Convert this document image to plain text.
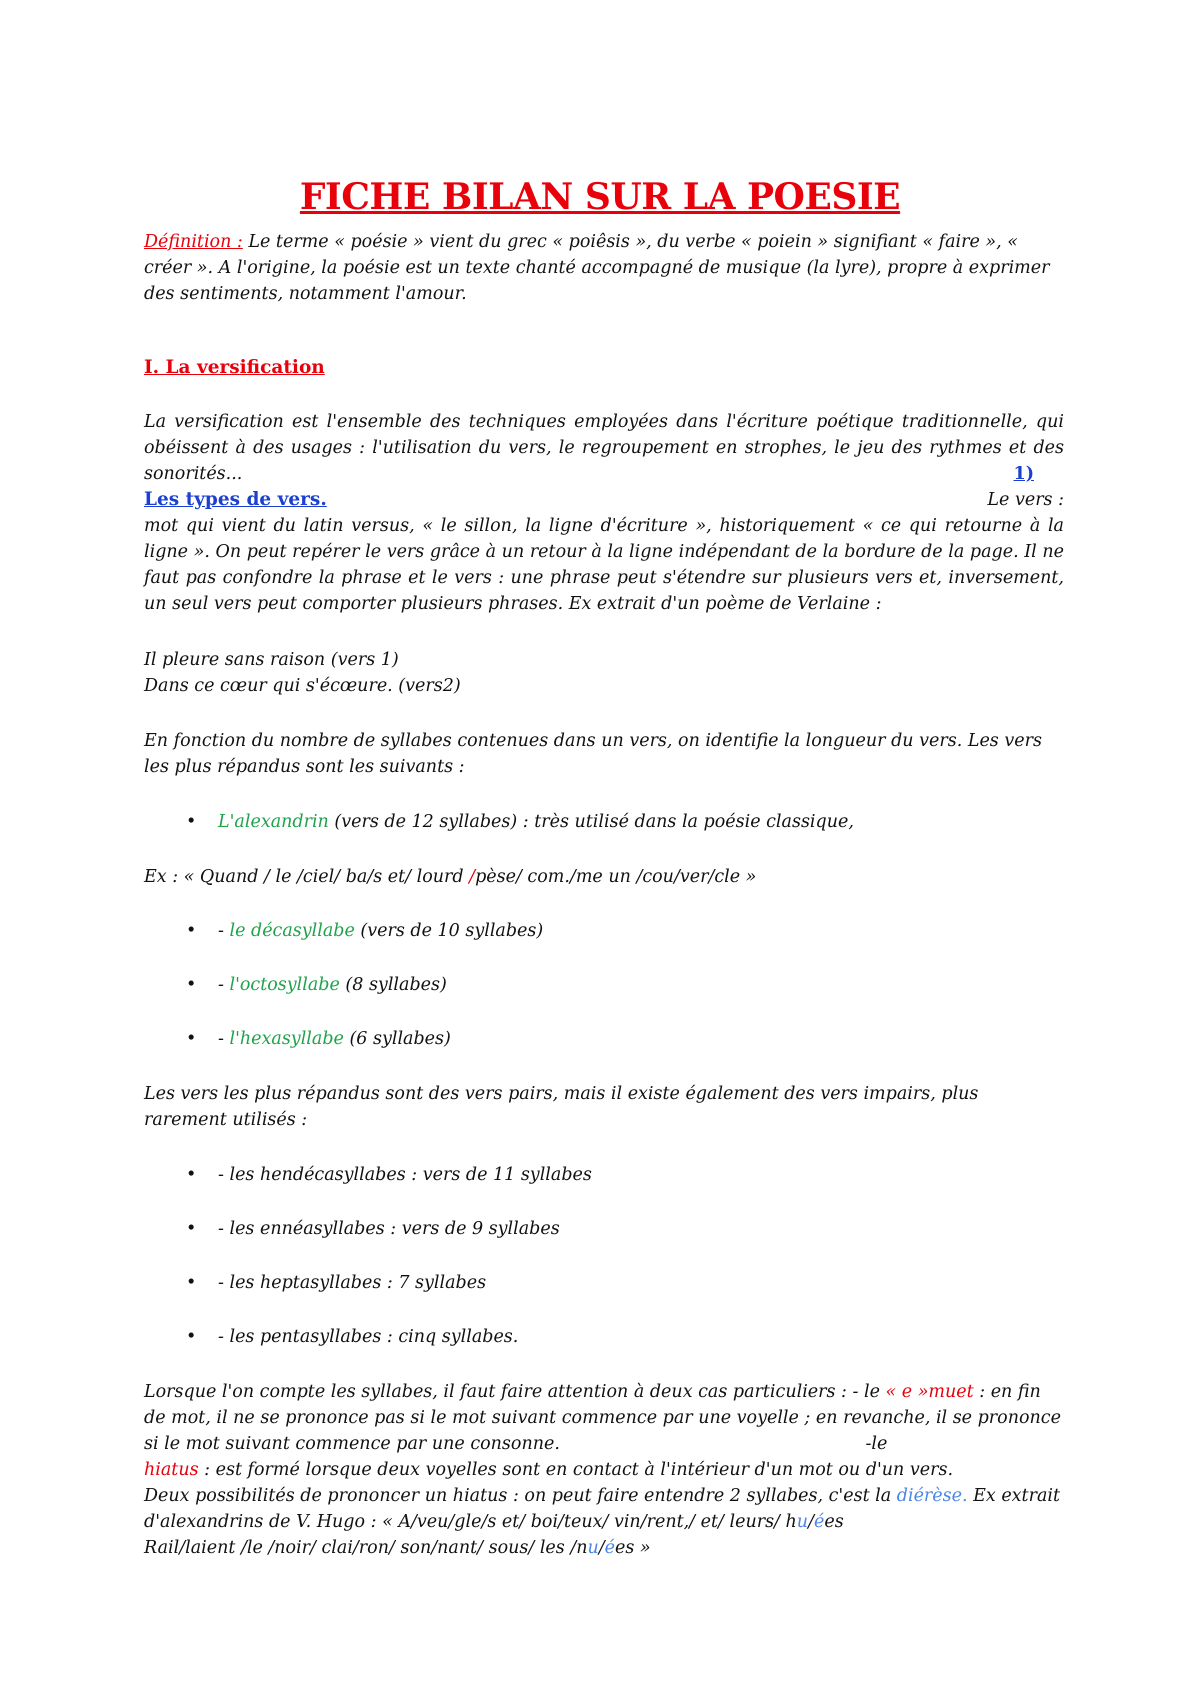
FICHE BILAN SUR LA POESIE
Définition : Le terme « poésie » vient du grec « poiêsis », du verbe « poiein » signifiant « faire », « créer ». A l'origine, la poésie est un texte chanté accompagné de musique (la lyre), propre à exprimer des sentiments, notamment l'amour.
I. La versification
La versification est l'ensemble des techniques employées dans l'écriture poétique traditionnelle, qui obéissent à des usages : l'utilisation du vers, le regroupement en strophes, le jeu des rythmes et des sonorités...	1)
Les types de vers.	Le vers :
mot qui vient du latin versus, « le sillon, la ligne d'écriture », historiquement « ce qui retourne à la ligne ». On peut repérer le vers grâce à un retour à la ligne indépendant de la bordure de la page. Il ne faut pas confondre la phrase et le vers : une phrase peut s'étendre sur plusieurs vers et, inversement, un seul vers peut comporter plusieurs phrases. Ex extrait d'un poème de Verlaine :
Il pleure sans raison (vers 1)
Dans ce cœur qui s'écœure. (vers2)
En fonction du nombre de syllabes contenues dans un vers, on identifie la longueur du vers. Les vers les plus répandus sont les suivants :
• L'alexandrin (vers de 12 syllabes) : très utilisé dans la poésie classique,
Ex : « Quand / le /ciel/ ba/s et/ lourd /pèse/ com./me un /cou/ver/cle »
• - le décasyllabe (vers de 10 syllabes)
• - l'octosyllabe (8 syllabes)
• - l'hexasyllabe (6 syllabes)
Les vers les plus répandus sont des vers pairs, mais il existe également des vers impairs, plus rarement utilisés :
• - les hendécasyllabes : vers de 11 syllabes
• - les ennéasyllabes : vers de 9 syllabes
• - les heptasyllabes : 7 syllabes
• - les pentasyllabes : cinq syllabes.
Lorsque l'on compte les syllabes, il faut faire attention à deux cas particuliers : - le « e »muet : en fin de mot, il ne se prononce pas si le mot suivant commence par une voyelle ; en revanche, il se prononce si le mot suivant commence par une consonne.	-le
hiatus : est formé lorsque deux voyelles sont en contact à l'intérieur d'un mot ou d'un vers.
Deux possibilités de prononcer un hiatus : on peut faire entendre 2 syllabes, c'est la diérèse. Ex extrait d'alexandrins de V. Hugo : « A/veu/gle/s et/ boi/teux/ vin/rent,/ et/ leurs/ hu/ées
Rail/laient /le /noir/ clai/ron/ son/nant/ sous/ les /nu/ées »
